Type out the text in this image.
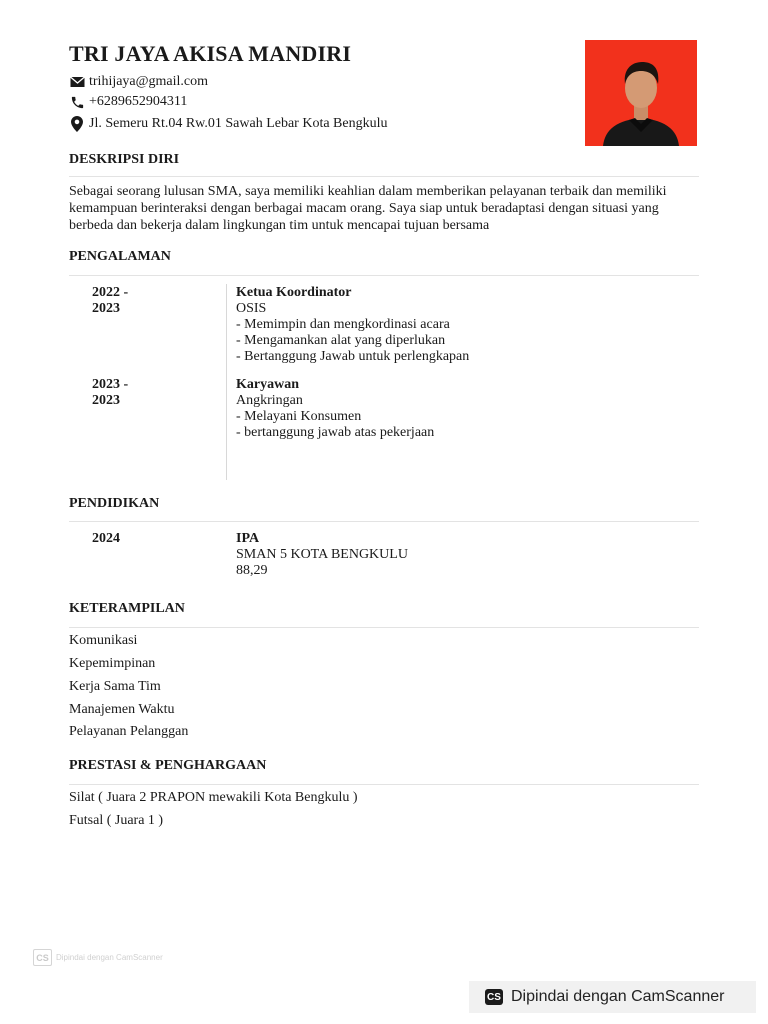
TRI JAYA AKISA MANDIRI
trihijaya@gmail.com
+6289652904311
Jl. Semeru Rt.04 Rw.01 Sawah Lebar Kota Bengkulu
DESKRIPSI DIRI

Sebagai seorang lulusan SMA, saya memiliki keahlian dalam memberikan pelayanan terbaik dan memiliki
kemampuan berinteraksi dengan berbagai macam orang. Saya siap untuk beradaptasi dengan situasi yang
berbeda dan bekerja dalam lingkungan tim untuk mencapai tujuan bersama

PENGALAMAN
2022 -
2023
Ketua Koordinator
OSIS
- Memimpin dan mengkordinasi acara
- Mengamankan alat yang diperlukan
- Bertanggung Jawab untuk perlengkapan
2023 -
2023
Karyawan
Angkringan
- Melayani Konsumen
- bertanggung jawab atas pekerjaan
PENDIDIKAN
2024	IPA
SMAN 5 KOTA BENGKULU
88,29
KETERAMPILAN
Komunikasi
Kepemimpinan
Kerja Sama Tim
Manajemen Waktu
Pelayanan Pelanggan
PRESTASI & PENGHARGAAN
Silat ( Juara 2 PRAPON mewakili Kota Bengkulu )
Futsal ( Juara 1 )
CS Dipindai dengan CamScanner
CS Dipindai dengan CamScanner
